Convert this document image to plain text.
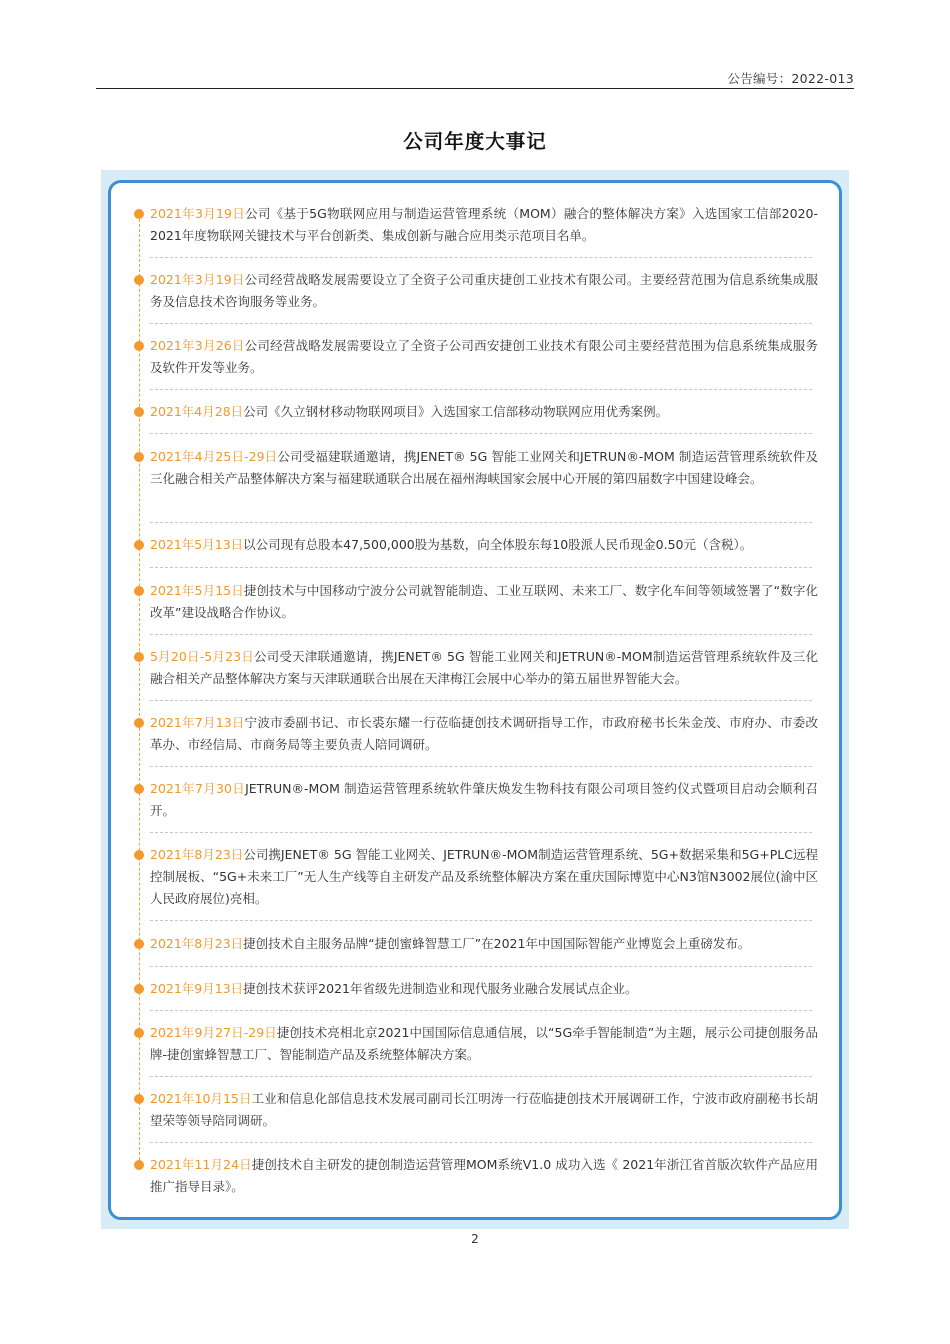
公告编号：2022-013
公司年度大事记
2021年3月19日公司《基于5G物联网应用与制造运营管理系统（MOM）融合的整体解决方案》入选国家工信部2020-2021年度物联网关键技术与平台创新类、集成创新与融合应用类示范项目名单。
2021年3月19日公司经营战略发展需要设立了全资子公司重庆捷创工业技术有限公司。主要经营范围为信息系统集成服务及信息技术咨询服务等业务。
2021年3月26日公司经营战略发展需要设立了全资子公司西安捷创工业技术有限公司主要经营范围为信息系统集成服务及软件开发等业务。
2021年4月28日公司《久立钢材移动物联网项目》入选国家工信部移动物联网应用优秀案例。
2021年4月25日-29日公司受福建联通邀请，携JENET® 5G 智能工业网关和JETRUN®-MOM 制造运营管理系统软件及三化融合相关产品整体解决方案与福建联通联合出展在福州海峡国家会展中心开展的第四届数字中国建设峰会。
2021年5月13日以公司现有总股本47,500,000股为基数，向全体股东每10股派人民币现金0.50元（含税）。
2021年5月15日捷创技术与中国移动宁波分公司就智能制造、工业互联网、未来工厂、数字化车间等领域签署了“数字化改革”建设战略合作协议。
5月20日-5月23日公司受天津联通邀请，携JENET® 5G 智能工业网关和JETRUN®-MOM制造运营管理系统软件及三化融合相关产品整体解决方案与天津联通联合出展在天津梅江会展中心举办的第五届世界智能大会。
2021年7月13日宁波市委副书记、市长裘东耀一行莅临捷创技术调研指导工作，市政府秘书长朱金茂、市府办、市委改革办、市经信局、市商务局等主要负责人陪同调研。
2021年7月30日JETRUN®-MOM 制造运营管理系统软件肇庆焕发生物科技有限公司项目签约仪式暨项目启动会顺利召开。
2021年8月23日公司携JENET® 5G 智能工业网关、JETRUN®-MOM制造运营管理系统、5G+数据采集和5G+PLC远程控制展板、“5G+未来工厂”无人生产线等自主研发产品及系统整体解决方案在重庆国际博览中心N3馆N3002展位(渝中区人民政府展位)亮相。
2021年8月23日捷创技术自主服务品牌“捷创蜜蜂智慧工厂”在2021年中国国际智能产业博览会上重磅发布。
2021年9月13日捷创技术获评2021年省级先进制造业和现代服务业融合发展试点企业。
2021年9月27日-29日捷创技术亮相北京2021中国国际信息通信展，以“5G牵手智能制造”为主题，展示公司捷创服务品牌-捷创蜜蜂智慧工厂、智能制造产品及系统整体解决方案。
2021年10月15日工业和信息化部信息技术发展司副司长江明涛一行莅临捷创技术开展调研工作，宁波市政府副秘书长胡望荣等领导陪同调研。
2021年11月24日捷创技术自主研发的捷创制造运营管理MOM系统V1.0 成功入选《 2021年浙江省首版次软件产品应用推广指导目录》。
2
